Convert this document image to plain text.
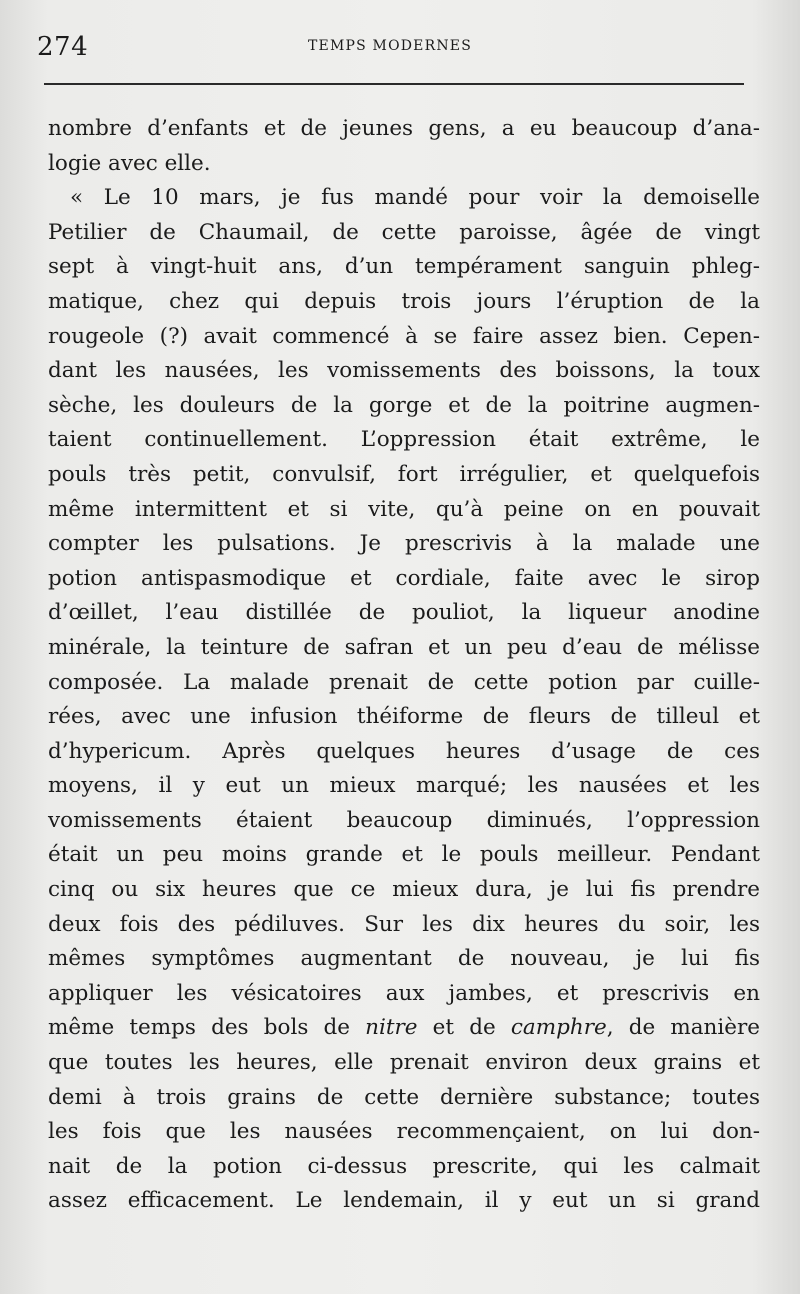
274	TEMPS MODERNES
nombre d’enfants et de jeunes gens, a eu beaucoup d’ana-
logie avec elle.
« Le 10 mars, je fus mandé pour voir la demoiselle
Petilier de Chaumail, de cette paroisse, âgée de vingt
sept à vingt-huit ans, d’un tempérament sanguin phleg-
matique, chez qui depuis trois jours l’éruption de la
rougeole (?) avait commencé à se faire assez bien. Cepen-
dant les nausées, les vomissements des boissons, la toux
sèche, les douleurs de la gorge et de la poitrine augmen-
taient continuellement. L’oppression était extrême, le
pouls très petit, convulsif, fort irrégulier, et quelquefois
même intermittent et si vite, qu’à peine on en pouvait
compter les pulsations. Je prescrivis à la malade une
potion antispasmodique et cordiale, faite avec le sirop
d’œillet, l’eau distillée de pouliot, la liqueur anodine
minérale, la teinture de safran et un peu d’eau de mélisse
composée. La malade prenait de cette potion par cuille-
rées, avec une infusion théiforme de fleurs de tilleul et
d’hypericum. Après quelques heures d’usage de ces
moyens, il y eut un mieux marqué; les nausées et les
vomissements étaient beaucoup diminués, l’oppression
était un peu moins grande et le pouls meilleur. Pendant
cinq ou six heures que ce mieux dura, je lui fis prendre
deux fois des pédiluves. Sur les dix heures du soir, les
mêmes symptômes augmentant de nouveau, je lui fis
appliquer les vésicatoires aux jambes, et prescrivis en
même temps des bols de nitre et de camphre, de manière
que toutes les heures, elle prenait environ deux grains et
demi à trois grains de cette dernière substance; toutes
les fois que les nausées recommençaient, on lui don-
nait de la potion ci-dessus prescrite, qui les calmait
assez efficacement. Le lendemain, il y eut un si grand
